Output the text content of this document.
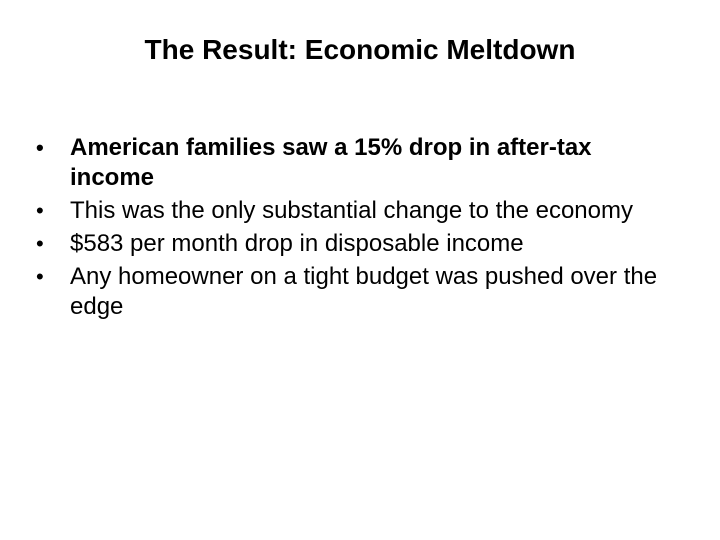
The Result: Economic Meltdown
• American families saw a 15% drop in after-tax income
• This was the only substantial change to the economy
• $583 per month drop in disposable income
• Any homeowner on a tight budget was pushed over the edge
